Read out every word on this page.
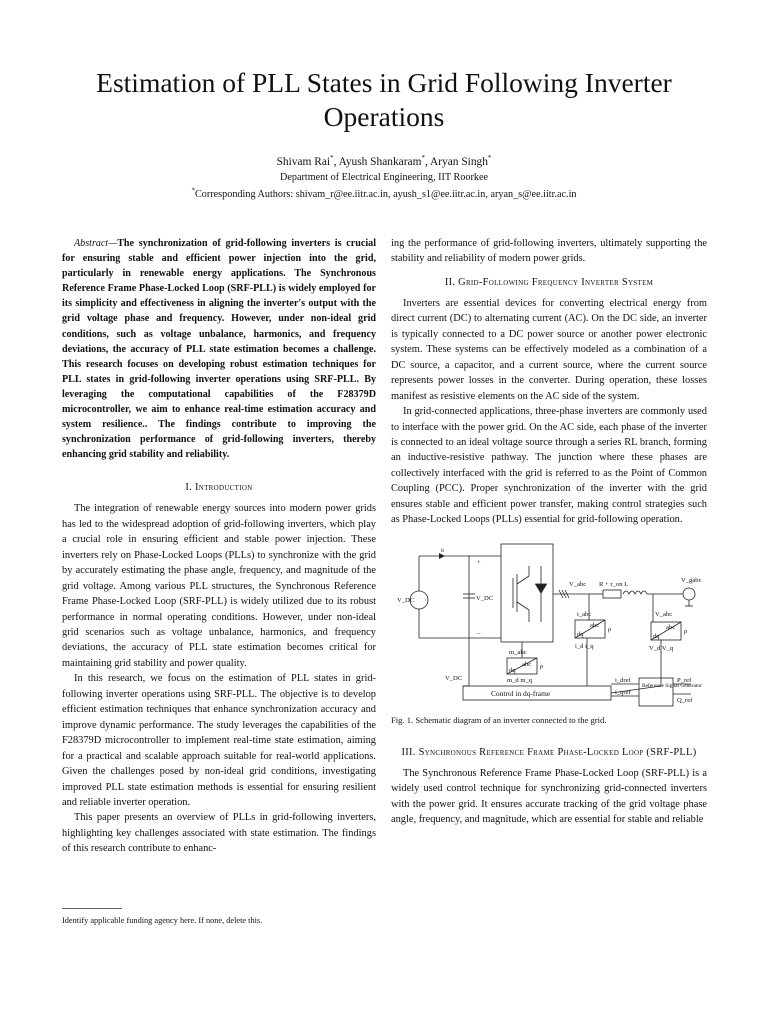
Estimation of PLL States in Grid Following Inverter Operations
Shivam Rai*, Ayush Shankaram*, Aryan Singh*
Department of Electrical Engineering, IIT Roorkee
*Corresponding Authors: shivam_r@ee.iitr.ac.in, ayush_s1@ee.iitr.ac.in, aryan_s@ee.iitr.ac.in

Abstract—The synchronization of grid-following inverters is crucial for ensuring stable and efficient power injection into the grid, particularly in renewable energy applications. The Synchronous Reference Frame Phase-Locked Loop (SRF-PLL) is widely employed for its simplicity and effectiveness in aligning the inverter's output with the grid voltage phase and frequency. However, under non-ideal grid conditions, such as voltage unbalance, harmonics, and frequency deviations, the accuracy of PLL state estimation becomes a challenge. This research focuses on developing robust estimation techniques for PLL states in grid-following inverter operations using SRF-PLL. By leveraging the computational capabilities of the F28379D microcontroller, we aim to enhance real-time estimation accuracy and system resilience.. The findings contribute to improving the synchronization performance of grid-following inverters, thereby enhancing grid stability and reliability.

I. Introduction

The integration of renewable energy sources into modern power grids has led to the widespread adoption of grid-following inverters, which play a crucial role in ensuring efficient and stable power injection. These inverters rely on Phase-Locked Loops (PLLs) to synchronize with the grid by accurately estimating the phase angle, frequency, and magnitude of the grid voltage. Among various PLL structures, the Synchronous Reference Frame Phase-Locked Loop (SRF-PLL) is widely utilized due to its robust performance in normal operating conditions. However, under non-ideal grid scenarios such as voltage unbalance, harmonics, and frequency deviations, the accuracy of PLL state estimation becomes critical for maintaining grid stability and power quality.

In this research, we focus on the estimation of PLL states in grid-following inverter operations using SRF-PLL. The objective is to develop efficient estimation techniques that enhance synchronization accuracy and improve dynamic performance. The study leverages the capabilities of the F28379D microcontroller to implement real-time state estimation, aiming for a practical and scalable approach suitable for real-world applications. Given the challenges posed by non-ideal grid conditions, investigating improved PLL state estimation methods is essential for ensuring resilient and reliable inverter operation.

This paper presents an overview of PLLs in grid-following inverters, highlighting key challenges associated with state estimation. The findings of this research contribute to enhanc-

Identify applicable funding agency here. If none, delete this.

ing the performance of grid-following inverters, ultimately supporting the stability and reliability of modern power grids.

II. Grid-Following Frequency Inverter System

Inverters are essential devices for converting electrical energy from direct current (DC) to alternating current (AC). On the DC side, an inverter is typically connected to a DC power source or another power electronic system. These systems can be effectively modeled as a combination of a DC source, a capacitor, and a current source, where the current source represents power losses in the converter. During operation, these losses manifest as resistive elements on the AC side of the system.

In grid-connected applications, three-phase inverters are commonly used to interface with the power grid. On the AC side, each phase of the inverter is connected to an ideal voltage source through a series RL branch, forming an inductive-resistive pathway. The junction where these phases are collectively interfaced with the grid is referred to as the Point of Common Coupling (PCC). Proper synchronization of the inverter with the grid ensures stable and efficient power transfer, making control strategies such as Phase-Locked Loops (PLLs) essential for grid-following operation.

iₗ
+
−
V_DC	V_DC
V_abc R + r_on L
V_gabc
i_abc
abc
dq
ρ
i_d i_q
V_abc
abc
dq
ρ
V_d V_q
m_abc
abc
dq
ρ
m_d m_q
V_DC
Control in dq-frame
i_dref
i_qref
Reference Signal Generator
P_ref
Q_ref

Fig. 1. Schematic diagram of an inverter connected to the grid.

III. Synchronous Reference Frame Phase-Locked Loop (SRF-PLL)

The Synchronous Reference Frame Phase-Locked Loop (SRF-PLL) is a widely used control technique for synchronizing grid-connected inverters with the power grid. It ensures accurate tracking of the grid voltage phase angle, frequency, and magnitude, which are essential for stable and reliable
